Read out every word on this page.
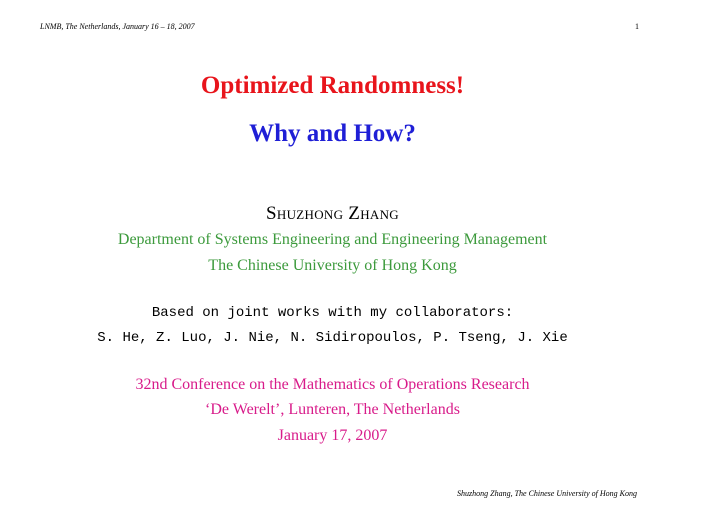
LNMB, The Netherlands, January 16 – 18, 2007	1
Optimized Randomness!
Why and How?
Shuzhong Zhang
Department of Systems Engineering and Engineering Management
The Chinese University of Hong Kong
Based on joint works with my collaborators:
S. He, Z. Luo, J. Nie, N. Sidiropoulos, P. Tseng, J. Xie
32nd Conference on the Mathematics of Operations Research
‘De Werelt’, Lunteren, The Netherlands
January 17, 2007
Shuzhong Zhang, The Chinese University of Hong Kong
